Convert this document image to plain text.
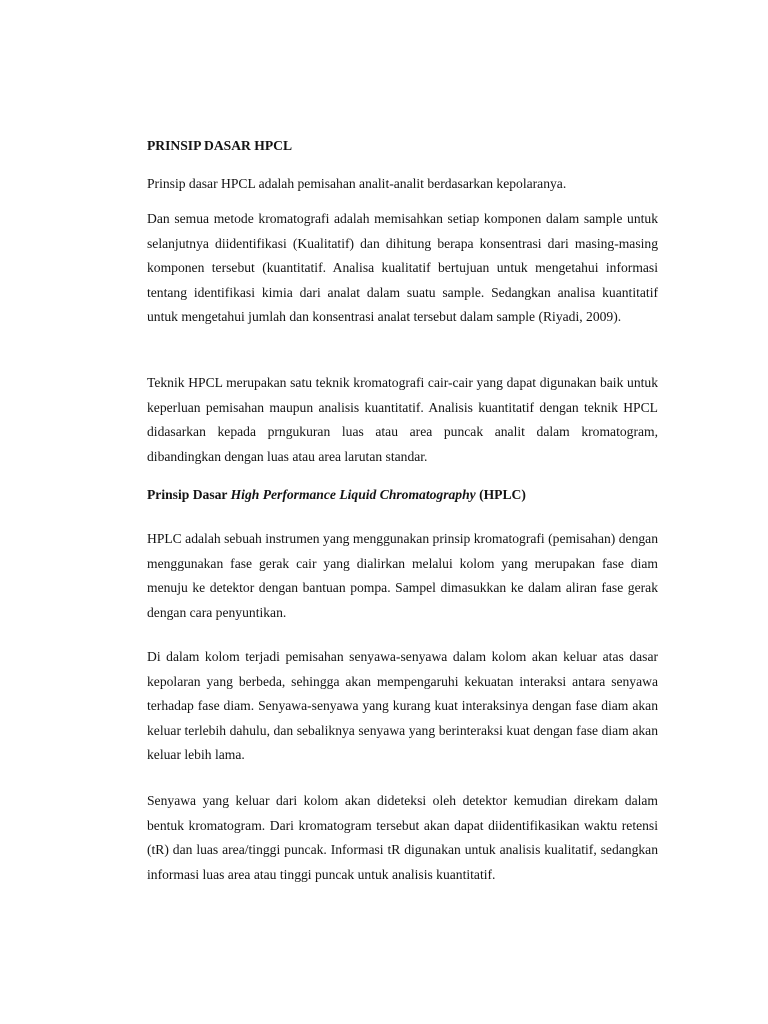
PRINSIP DASAR HPCL

Prinsip dasar HPCL adalah pemisahan analit-analit berdasarkan kepolaranya.

Dan semua metode kromatografi adalah memisahkan setiap komponen dalam sample untuk selanjutnya diidentifikasi (Kualitatif) dan dihitung berapa konsentrasi dari masing-masing komponen tersebut (kuantitatif. Analisa kualitatif bertujuan untuk mengetahui informasi tentang identifikasi kimia dari analat dalam suatu sample. Sedangkan analisa kuantitatif untuk mengetahui jumlah dan konsentrasi analat tersebut dalam sample (Riyadi, 2009).

Teknik HPCL merupakan satu teknik kromatografi cair-cair yang dapat digunakan baik untuk keperluan pemisahan maupun analisis kuantitatif. Analisis kuantitatif dengan teknik HPCL didasarkan kepada prngukuran luas atau area puncak analit dalam kromatogram, dibandingkan dengan luas atau area larutan standar.

Prinsip Dasar High Performance Liquid Chromatography (HPLC)

HPLC adalah sebuah instrumen yang menggunakan prinsip kromatografi (pemisahan) dengan menggunakan fase gerak cair yang dialirkan melalui kolom yang merupakan fase diam menuju ke detektor dengan bantuan pompa. Sampel dimasukkan ke dalam aliran fase gerak dengan cara penyuntikan.

Di dalam kolom terjadi pemisahan senyawa-senyawa dalam kolom akan keluar atas dasar kepolaran yang berbeda, sehingga akan mempengaruhi kekuatan interaksi antara senyawa terhadap fase diam. Senyawa-senyawa yang kurang kuat interaksinya dengan fase diam akan keluar terlebih dahulu, dan sebaliknya senyawa yang berinteraksi kuat dengan fase diam akan keluar lebih lama.

Senyawa yang keluar dari kolom akan dideteksi oleh detektor kemudian direkam dalam bentuk kromatogram. Dari kromatogram tersebut akan dapat diidentifikasikan waktu retensi (tR) dan luas area/tinggi puncak. Informasi tR digunakan untuk analisis kualitatif, sedangkan informasi luas area atau tinggi puncak untuk analisis kuantitatif.
